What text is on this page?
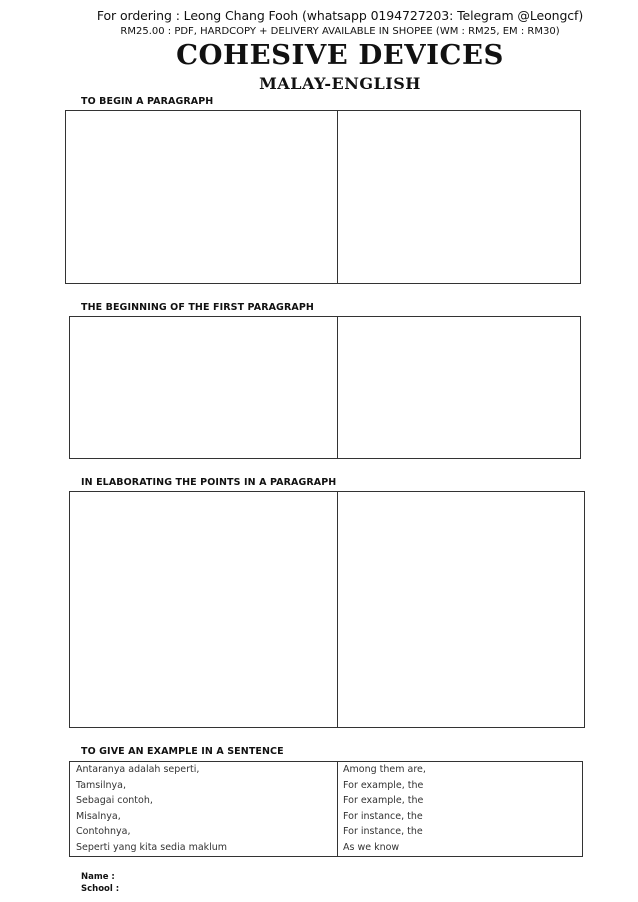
For ordering : Leong Chang Fooh (whatsapp 0194727203: Telegram @Leongcf)
RM25.00 : PDF, HARDCOPY + DELIVERY AVAILABLE IN SHOPEE (WM : RM25, EM : RM30)
COHESIVE DEVICES
MALAY-ENGLISH
TO BEGIN A PARAGRAPH
THE BEGINNING OF THE FIRST PARAGRAPH
IN ELABORATING THE POINTS IN A PARAGRAPH
TO GIVE AN EXAMPLE IN A SENTENCE
Antaranya adalah seperti,
Tamsilnya,
Sebagai contoh,
Misalnya,
Contohnya,
Seperti yang kita sedia maklum
Among them are,
For example, the
For example, the
For instance, the
For instance, the
As we know
Name :
School :
